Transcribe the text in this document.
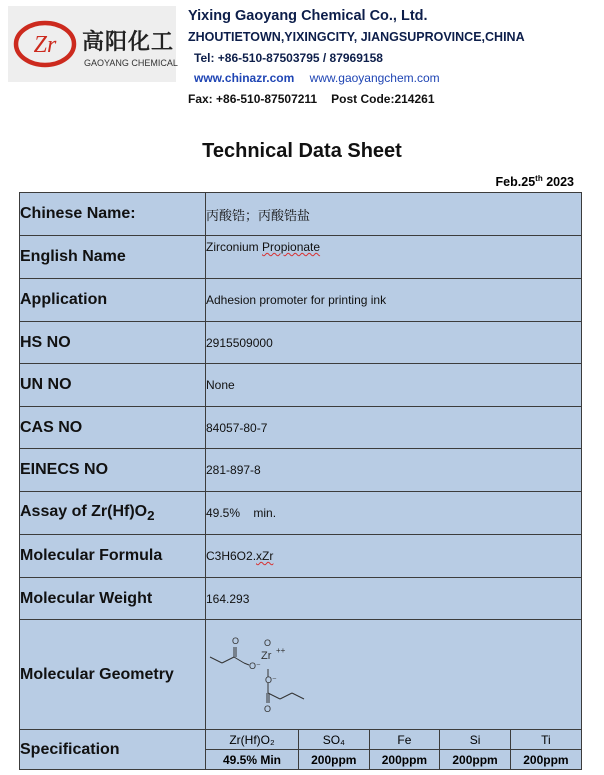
Zr 高阳化工
GAOYANG CHEMICAL
Yixing Gaoyang Chemical Co., Ltd.
ZHOUTIETOWN,YIXINGCITY, JIANGSUPROVINCE,CHINA
Tel: +86-510-87503795 / 87969158
www.chinazr.com www.gaoyangchem.com
Fax: +86-510-87507211 Post Code:214261
Technical Data Sheet
Feb.25th 2023
Chinese Name:	丙酸锆；丙酸锆盐
English Name	Zirconium Propionate
Application	Adhesion promoter for printing ink
HS NO	2915509000
UN NO	None
CAS NO	84057-80-7
EINECS NO	281-897-8
Assay of $Zr(Hf)O_2$	49.5%    min.
Molecular Formula	C3H6O2.xZr
Molecular Weight	164.293
Molecular Geometry	
O
O⁻
O
Zr ++
O⁻
O

Specification	
Zr(Hf)O₂	SO₄	Fe	Si	Ti
49.5% Min	200ppm	200ppm	200ppm	200ppm
